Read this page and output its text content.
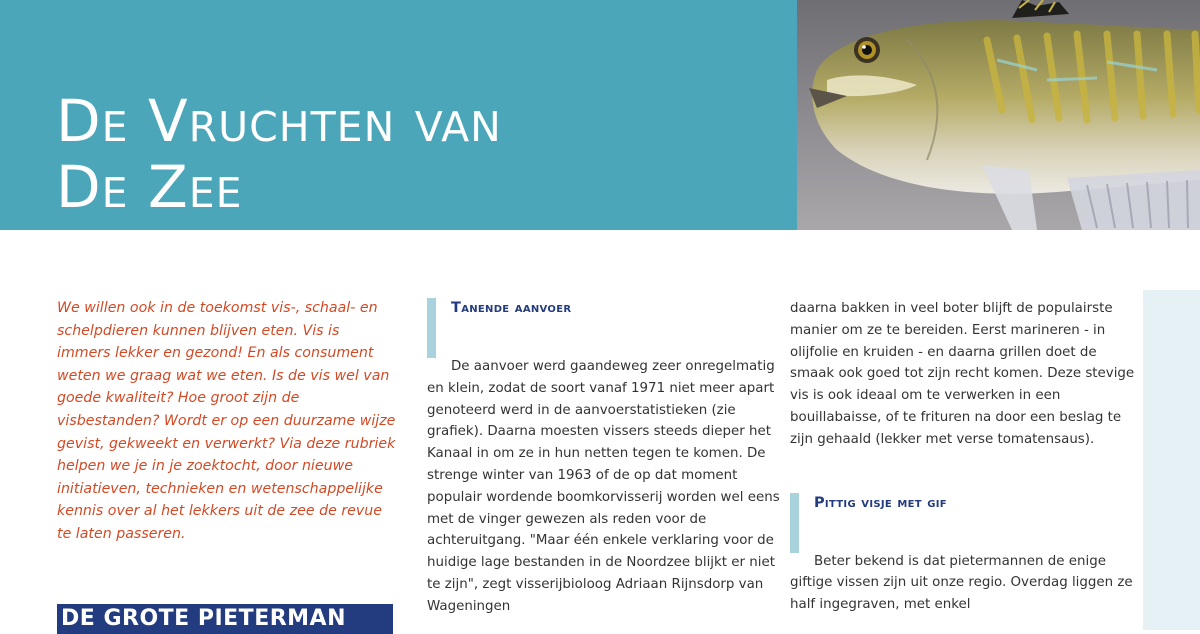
De Vruchten van
De Zee

We willen ook in de toekomst vis-, schaal- en schelpdieren kunnen blijven eten. Vis is immers lekker en gezond! En als consument weten we graag wat we eten. Is de vis wel van goede kwaliteit? Hoe groot zijn de visbestanden? Wordt er op een duurzame wijze gevist, gekweekt en verwerkt? Via deze rubriek helpen we je in je zoektocht, door nieuwe initiatieven, technieken en wetenschappelijke kennis over al het lekkers uit de zee de revue te laten passeren.

DE GROTE PIETERMAN
Tanende aanvoer

De aanvoer werd gaandeweg zeer onregelmatig en klein, zodat de soort vanaf 1971 niet meer apart genoteerd werd in de aanvoerstatistieken (zie grafiek). Daarna moesten vissers steeds dieper het Kanaal in om ze in hun netten tegen te komen. De strenge winter van 1963 of de op dat moment populair wordende boomkorvisserij worden wel eens met de vinger gewezen als reden voor de achteruitgang. "Maar één enkele verklaring voor de huidige lage bestanden in de Noordzee blijkt er niet te zijn", zegt visserijbioloog Adriaan Rijnsdorp van Wageningen

daarna bakken in veel boter blijft de populairste manier om ze te bereiden. Eerst marineren - in olijfolie en kruiden - en daarna grillen doet de smaak ook goed tot zijn recht komen. Deze stevige vis is ook ideaal om te verwerken in een bouillabaisse, of te frituren na door een beslag te zijn gehaald (lekker met verse tomatensaus).

Pittig visje met gif

Beter bekend is dat pietermannen de enige giftige vissen zijn uit onze regio. Overdag liggen ze half ingegraven, met enkel
